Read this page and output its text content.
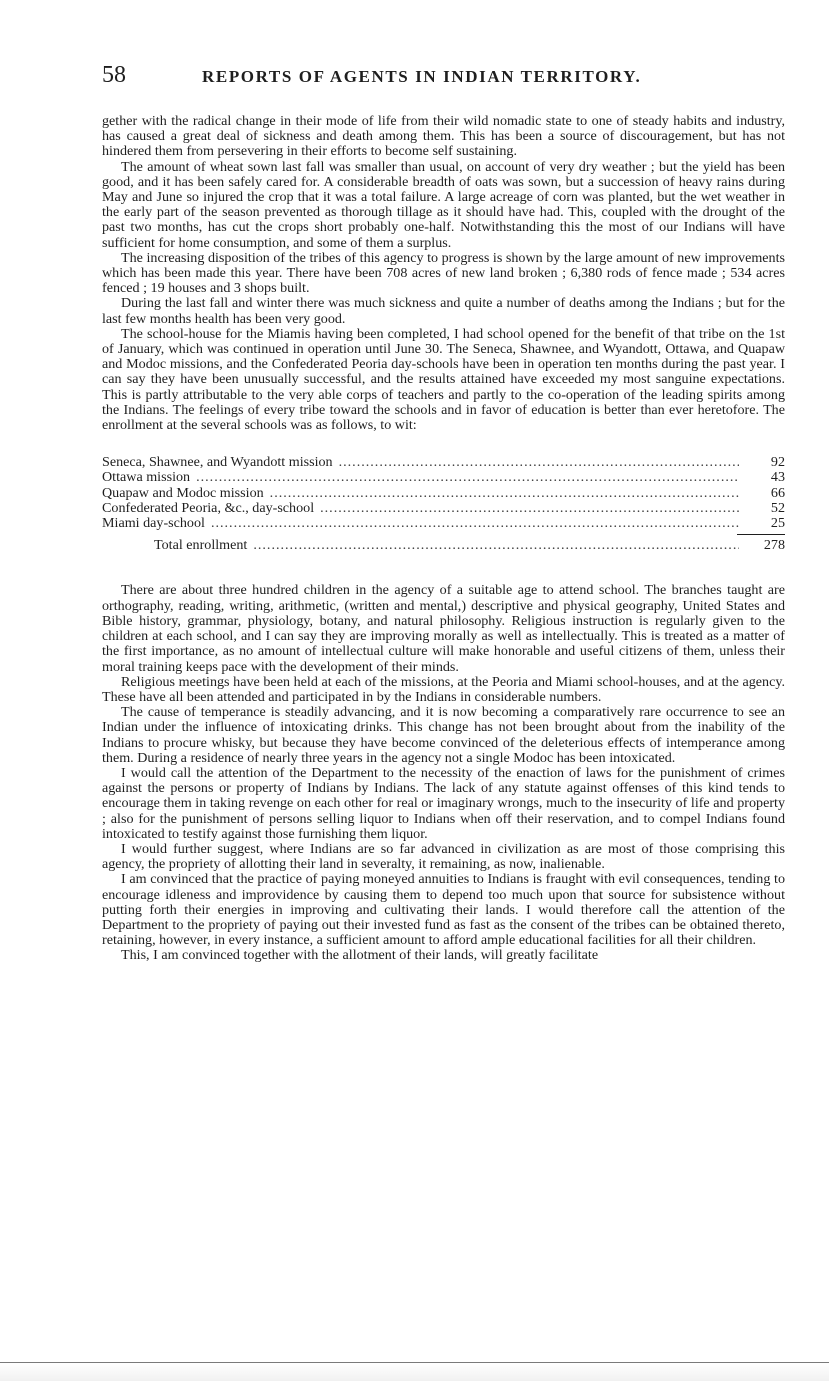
58	REPORTS OF AGENTS IN INDIAN TERRITORY.

gether with the radical change in their mode of life from their wild nomadic state to one of steady habits and industry, has caused a great deal of sickness and death among them. This has been a source of discouragement, but has not hindered them from persevering in their efforts to become self sustaining.

The amount of wheat sown last fall was smaller than usual, on account of very dry weather ; but the yield has been good, and it has been safely cared for. A considerable breadth of oats was sown, but a succession of heavy rains during May and June so injured the crop that it was a total failure. A large acreage of corn was planted, but the wet weather in the early part of the season prevented as thorough tillage as it should have had. This, coupled with the drought of the past two months, has cut the crops short probably one-half. Notwithstanding this the most of our Indians will have sufficient for home consumption, and some of them a surplus.

The increasing disposition of the tribes of this agency to progress is shown by the large amount of new improvements which has been made this year. There have been 708 acres of new land broken ; 6,380 rods of fence made ; 534 acres fenced ; 19 houses and 3 shops built.

During the last fall and winter there was much sickness and quite a number of deaths among the Indians ; but for the last few months health has been very good.

The school-house for the Miamis having been completed, I had school opened for the benefit of that tribe on the 1st of January, which was continued in operation until June 30. The Seneca, Shawnee, and Wyandott, Ottawa, and Quapaw and Modoc missions, and the Confederated Peoria day-schools have been in operation ten months during the past year. I can say they have been unusually successful, and the results attained have exceeded my most sanguine expectations. This is partly attributable to the very able corps of teachers and partly to the co-operation of the leading spirits among the Indians. The feelings of every tribe toward the schools and in favor of education is better than ever heretofore. The enrollment at the several schools was as follows, to wit:

Seneca, Shawnee, and Wyandott mission .....	92
Ottawa mission .....	43
Quapaw and Modoc mission .....	66
Confederated Peoria, &c., day-school .....	52
Miami day-school .....	25
Total enrollment .....	278

There are about three hundred children in the agency of a suitable age to attend school. The branches taught are orthography, reading, writing, arithmetic, (written and mental,) descriptive and physical geography, United States and Bible history, grammar, physiology, botany, and natural philosophy. Religious instruction is regularly given to the children at each school, and I can say they are improving morally as well as intellectually. This is treated as a matter of the first importance, as no amount of intellectual culture will make honorable and useful citizens of them, unless their moral training keeps pace with the development of their minds.

Religious meetings have been held at each of the missions, at the Peoria and Miami school-houses, and at the agency. These have all been attended and participated in by the Indians in considerable numbers.

The cause of temperance is steadily advancing, and it is now becoming a comparatively rare occurrence to see an Indian under the influence of intoxicating drinks. This change has not been brought about from the inability of the Indians to procure whisky, but because they have become convinced of the deleterious effects of intemperance among them. During a residence of nearly three years in the agency not a single Modoc has been intoxicated.

I would call the attention of the Department to the necessity of the enaction of laws for the punishment of crimes against the persons or property of Indians by Indians. The lack of any statute against offenses of this kind tends to encourage them in taking revenge on each other for real or imaginary wrongs, much to the insecurity of life and property ; also for the punishment of persons selling liquor to Indians when off their reservation, and to compel Indians found intoxicated to testify against those furnishing them liquor.

I would further suggest, where Indians are so far advanced in civilization as are most of those comprising this agency, the propriety of allotting their land in severalty, it remaining, as now, inalienable.

I am convinced that the practice of paying moneyed annuities to Indians is fraught with evil consequences, tending to encourage idleness and improvidence by causing them to depend too much upon that source for subsistence without putting forth their energies in improving and cultivating their lands. I would therefore call the attention of the Department to the propriety of paying out their invested fund as fast as the consent of the tribes can be obtained thereto, retaining, however, in every instance, a sufficient amount to afford ample educational facilities for all their children.

This, I am convinced together with the allotment of their lands, will greatly facilitate
